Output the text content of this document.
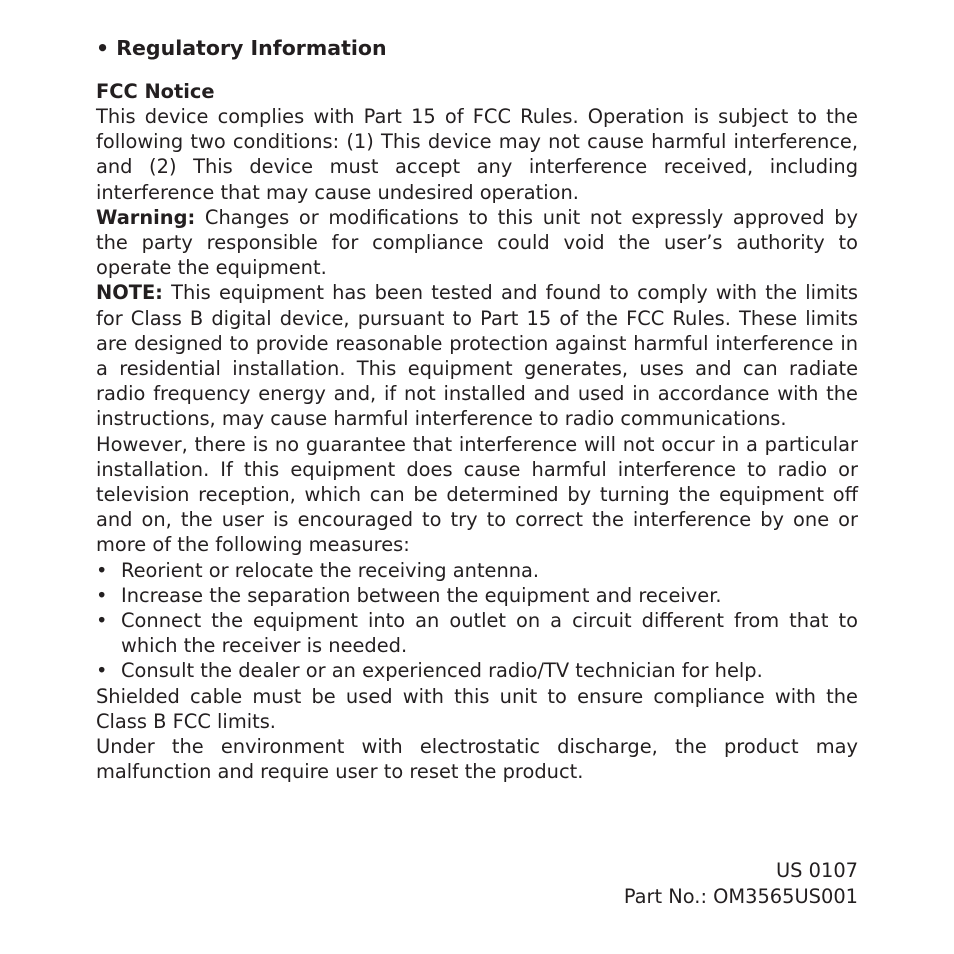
• Regulatory Information
FCC Notice

This device complies with Part 15 of FCC Rules. Operation is subject to the following two conditions: (1) This device may not cause harmful interference, and (2) This device must accept any interference received, including interference that may cause undesired operation.

Warning: Changes or modifications to this unit not expressly approved by the party responsible for compliance could void the user’s authority to operate the equipment.

NOTE: This equipment has been tested and found to comply with the limits for Class B digital device, pursuant to Part 15 of the FCC Rules. These limits are designed to provide reasonable protection against harmful interference in a residential installation. This equipment generates, uses and can radiate radio frequency energy and, if not installed and used in accordance with the instructions, may cause harmful interference to radio communications.

However, there is no guarantee that interference will not occur in a particular installation. If this equipment does cause harmful interference to radio or television reception, which can be determined by turning the equipment off and on, the user is encouraged to try to correct the interference by one or more of the following measures:

• Reorient or relocate the receiving antenna.
• Increase the separation between the equipment and receiver.
• Connect the equipment into an outlet on a circuit different from that to which the receiver is needed.
• Consult the dealer or an experienced radio/TV technician for help.

Shielded cable must be used with this unit to ensure compliance with the Class B FCC limits.

Under the environment with electrostatic discharge, the product may malfunction and require user to reset the product.

US 0107
Part No.: OM3565US001
